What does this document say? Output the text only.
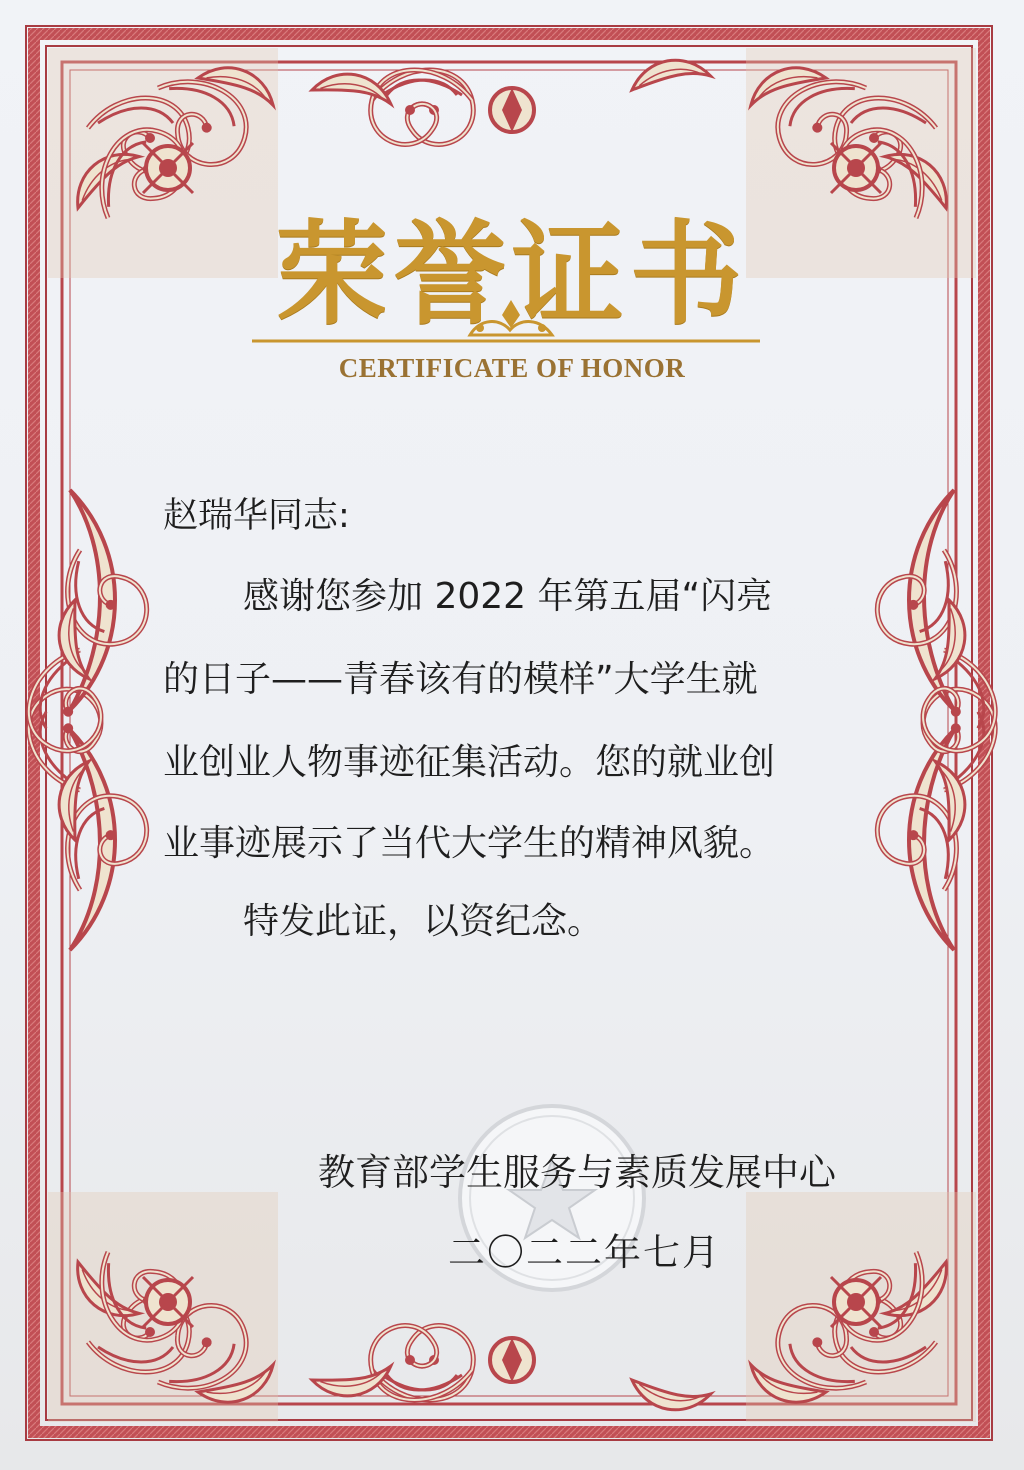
荣誉证书
CERTIFICATE OF HONOR
赵瑞华同志:
感谢您参加 2022 年第五届“闪亮
的日子——青春该有的模样”大学生就
业创业人物事迹征集活动。您的就业创
业事迹展示了当代大学生的精神风貌。
特发此证，以资纪念。
教育部学生服务与素质发展中心
二〇二二年七月
